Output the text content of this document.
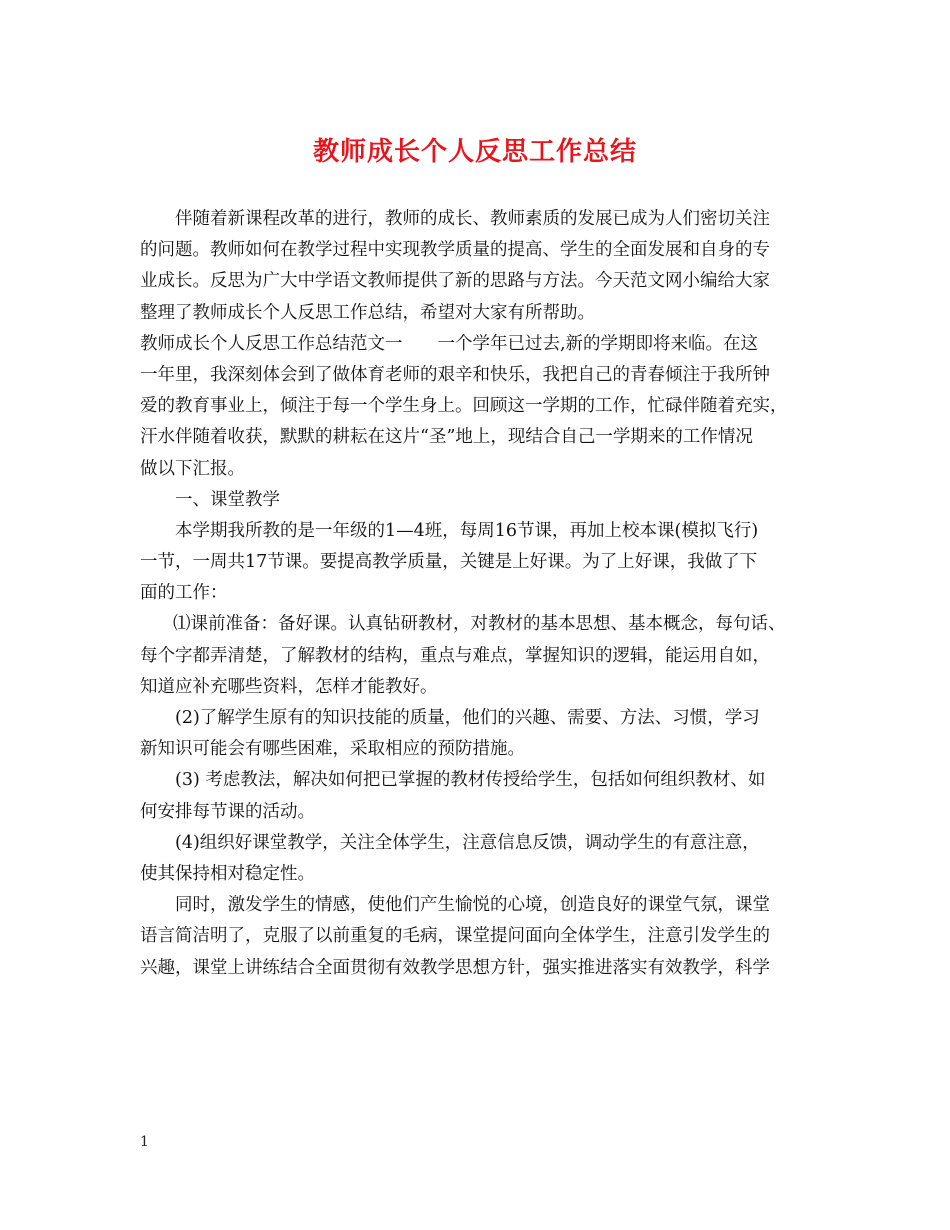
教师成长个人反思工作总结
伴随着新课程改革的进行，教师的成长、教师素质的发展已成为人们密切关注
的问题。教师如何在教学过程中实现教学质量的提高、学生的全面发展和自身的专
业成长。反思为广大中学语文教师提供了新的思路与方法。今天范文网小编给大家
整理了教师成长个人反思工作总结，希望对大家有所帮助。
教师成长个人反思工作总结范文一　　一个学年已过去,新的学期即将来临。在这
一年里，我深刻体会到了做体育老师的艰辛和快乐，我把自己的青春倾注于我所钟
爱的教育事业上，倾注于每一个学生身上。回顾这一学期的工作，忙碌伴随着充实，
汗水伴随着收获，默默的耕耘在这片“圣”地上，现结合自己一学期来的工作情况
做以下汇报。
一、课堂教学
本学期我所教的是一年级的1—4班，每周16节课，再加上校本课(模拟飞行)
一节，一周共17节课。要提高教学质量，关键是上好课。为了上好课，我做了下
面的工作：
⑴课前准备：备好课。认真钻研教材，对教材的基本思想、基本概念，每句话、
每个字都弄清楚，了解教材的结构，重点与难点，掌握知识的逻辑，能运用自如，
知道应补充哪些资料，怎样才能教好。
(2)了解学生原有的知识技能的质量，他们的兴趣、需要、方法、习惯，学习
新知识可能会有哪些困难，采取相应的预防措施。
(3) 考虑教法，解决如何把已掌握的教材传授给学生，包括如何组织教材、如
何安排每节课的活动。
(4)组织好课堂教学，关注全体学生，注意信息反馈，调动学生的有意注意，
使其保持相对稳定性。
同时，激发学生的情感，使他们产生愉悦的心境，创造良好的课堂气氛，课堂
语言简洁明了，克服了以前重复的毛病，课堂提问面向全体学生，注意引发学生的
兴趣，课堂上讲练结合全面贯彻有效教学思想方针，强实推进落实有效教学，科学
1
